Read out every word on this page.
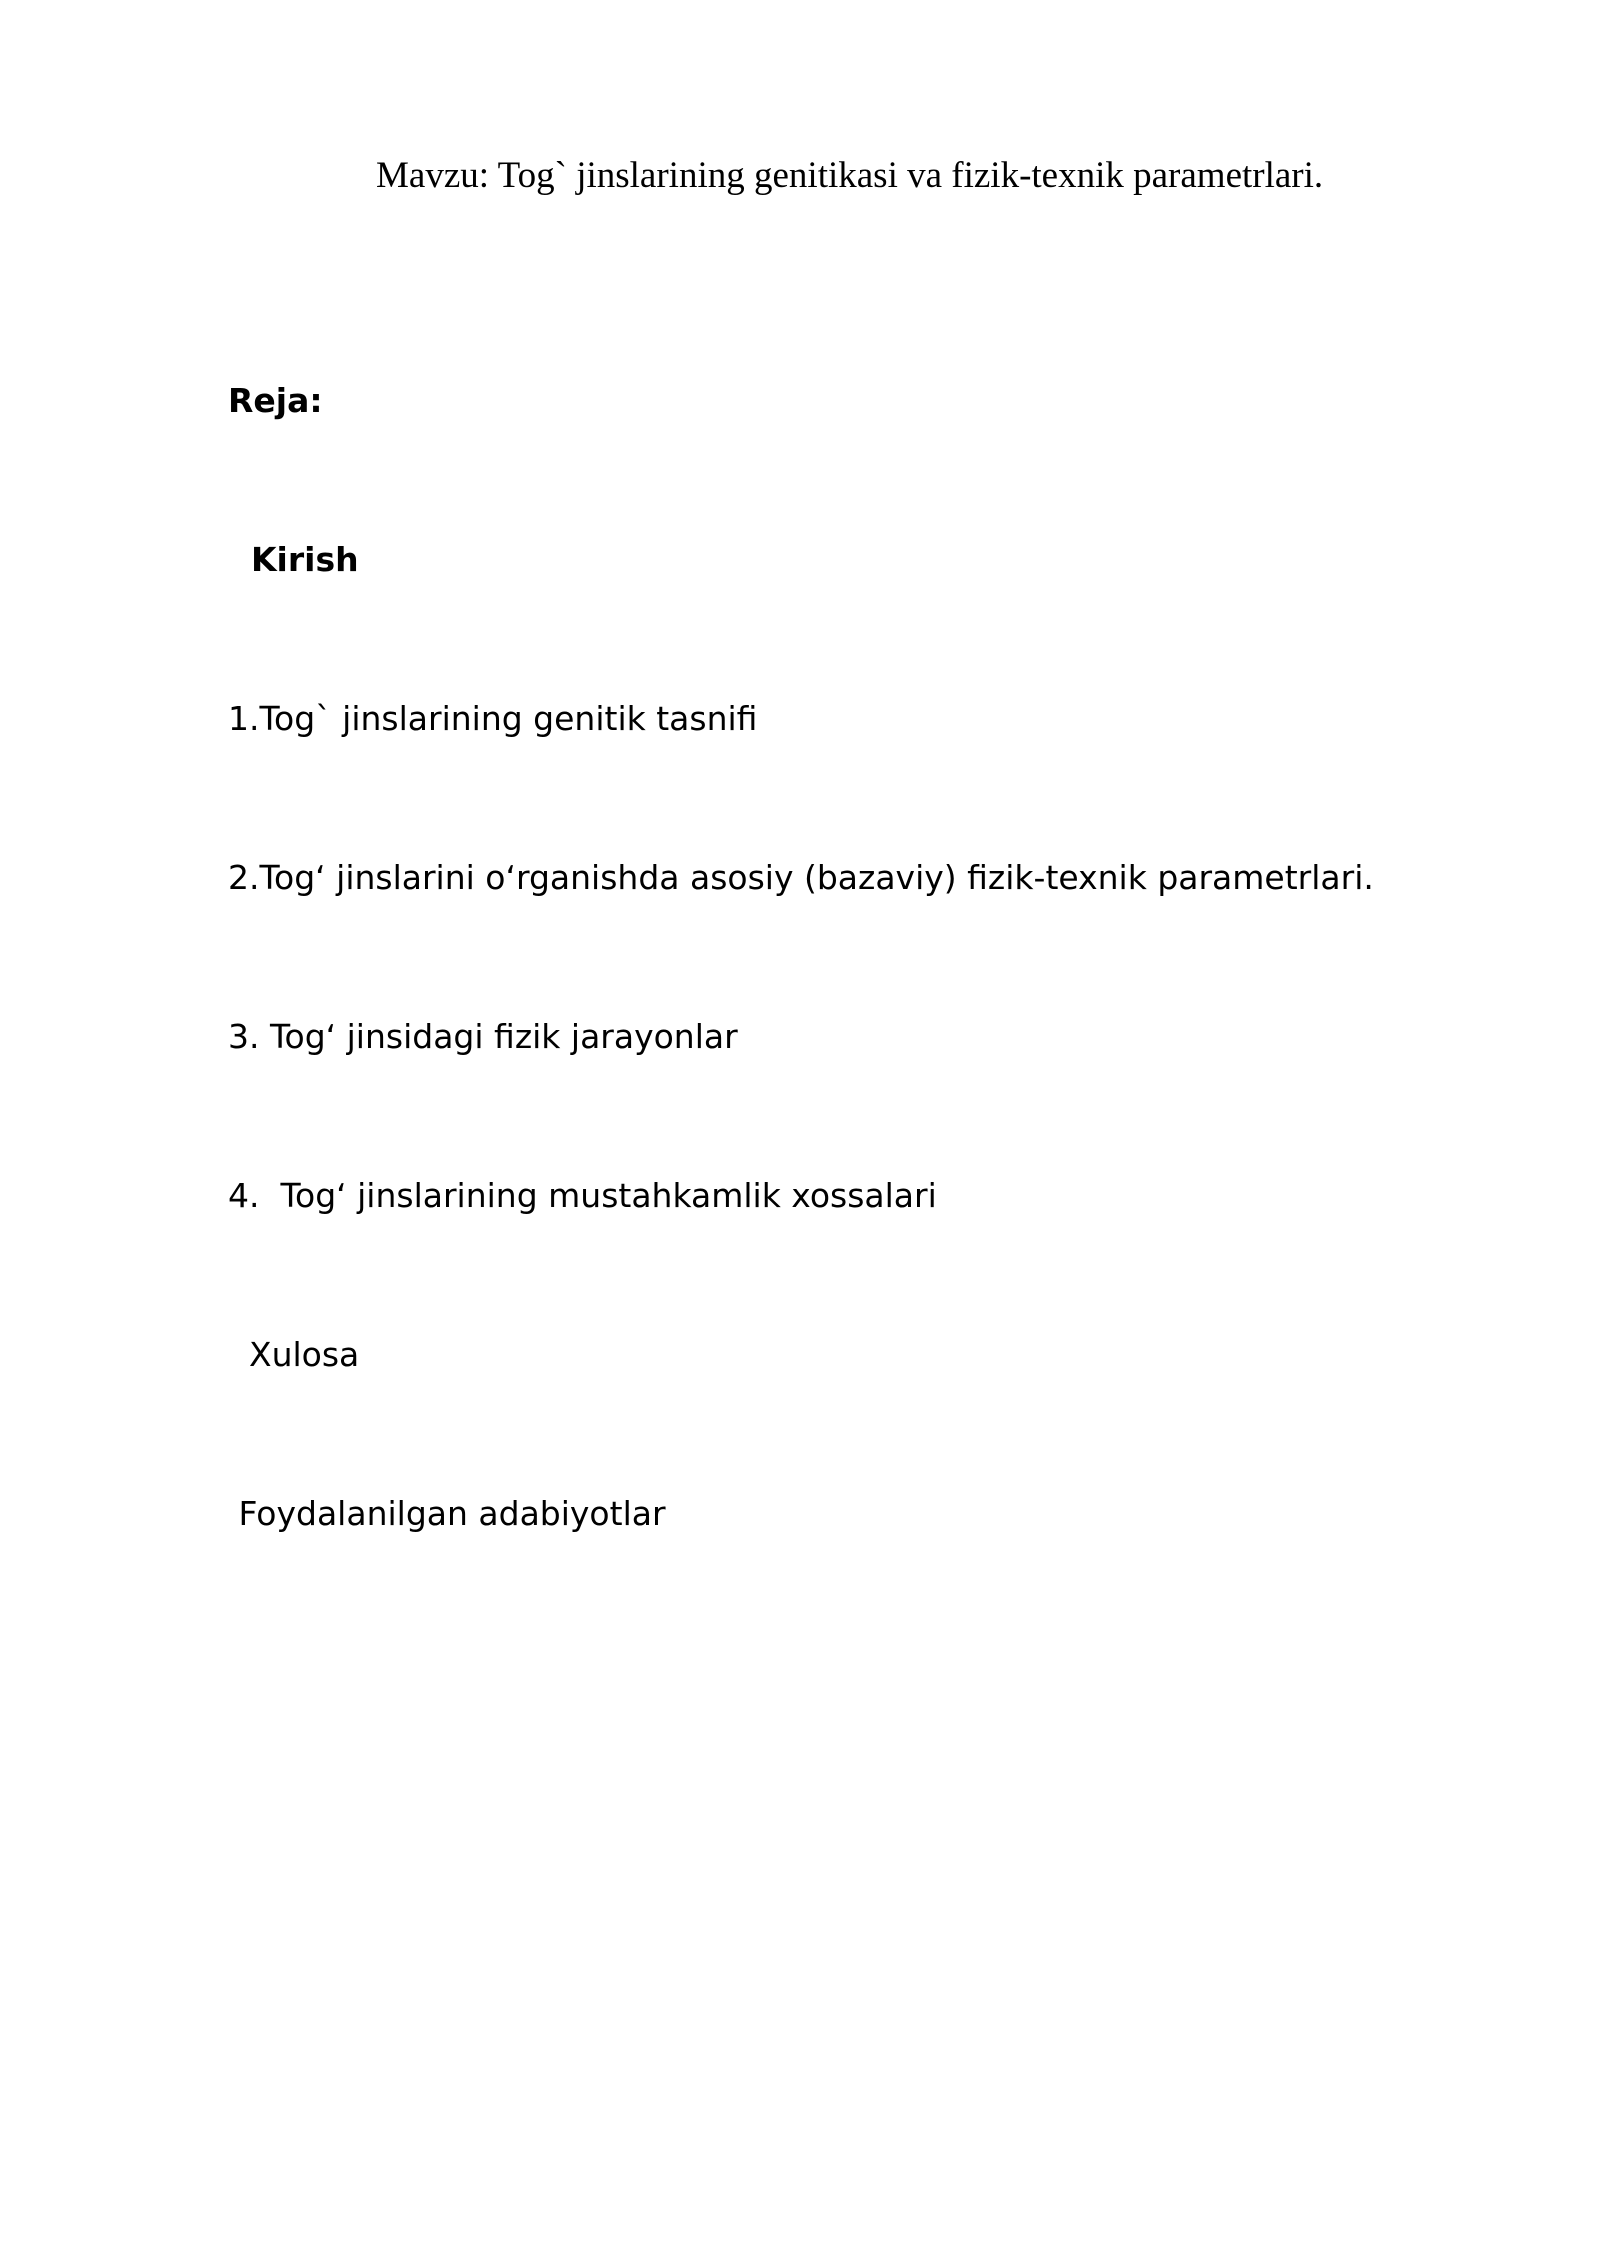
Mavzu: Tog` jinslarining genitikasi va fizik-texnik parametrlari.

Reja:

Kirish

1.Tog` jinslarining genitik tasnifi

2.Tog‘ jinslarini o‘rganishda asosiy (bazaviy) fizik-texnik parametrlari.

3. Tog‘ jinsidagi fizik jarayonlar

4.  Tog‘ jinslarining mustahkamlik xossalari

Xulosa

Foydalanilgan adabiyotlar
